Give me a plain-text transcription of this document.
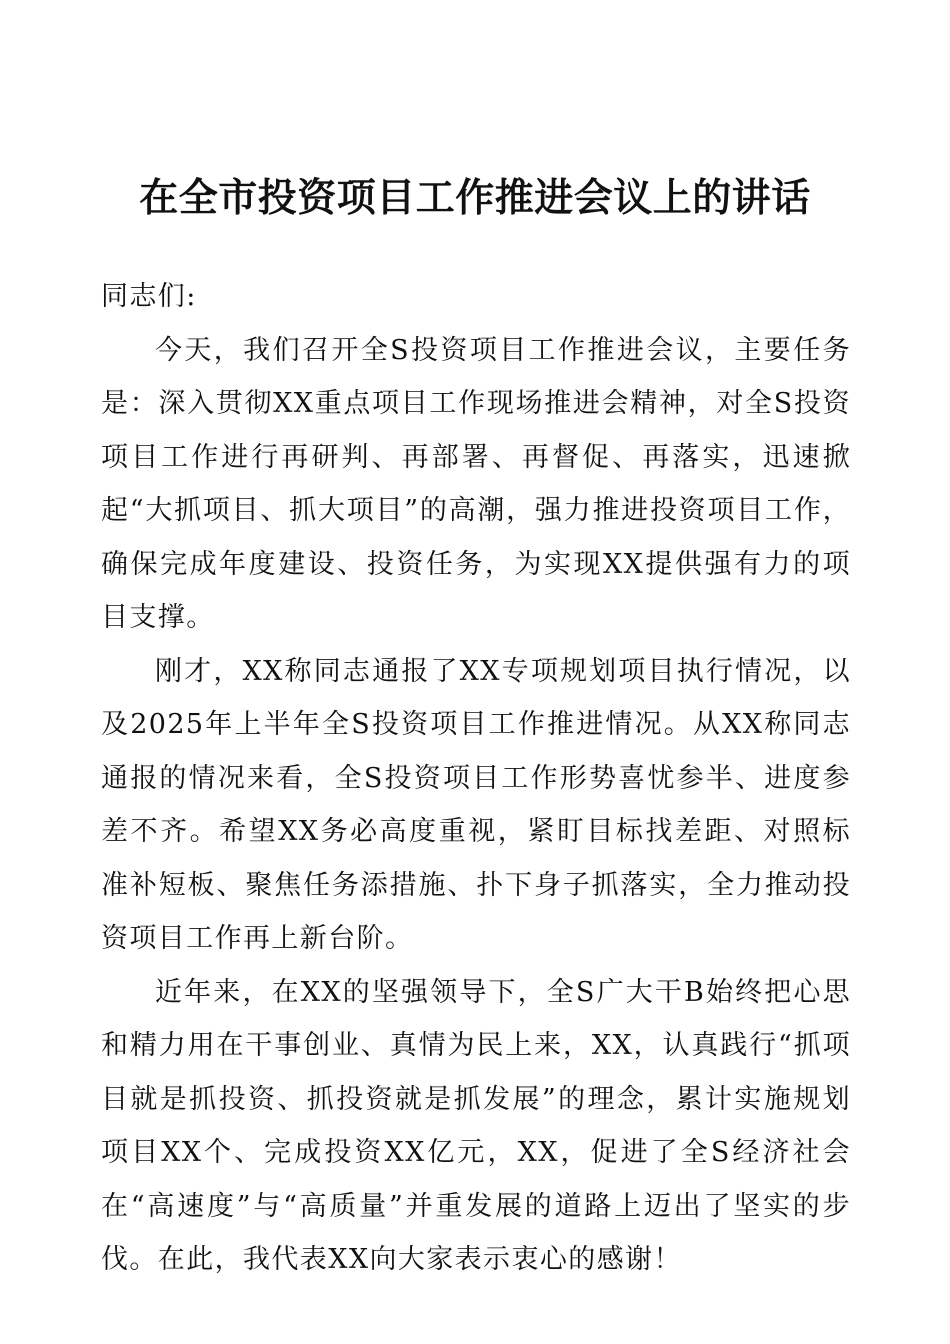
在全市投资项目工作推进会议上的讲话

同志们:

今天，我们召开全S投资项目工作推进会议，主要任务是：深入贯彻XX重点项目工作现场推进会精神，对全S投资项目工作进行再研判、再部署、再督促、再落实，迅速掀起“大抓项目、抓大项目”的高潮，强力推进投资项目工作，确保完成年度建设、投资任务，为实现XX提供强有力的项目支撑。

刚才，XX称同志通报了XX专项规划项目执行情况，以及2025年上半年全S投资项目工作推进情况。从XX称同志通报的情况来看，全S投资项目工作形势喜忧参半、进度参差不齐。希望XX务必高度重视，紧盯目标找差距、对照标准补短板、聚焦任务添措施、扑下身子抓落实，全力推动投资项目工作再上新台阶。

近年来，在XX的坚强领导下，全S广大干B始终把心思和精力用在干事创业、真情为民上来，XX，认真践行“抓项目就是抓投资、抓投资就是抓发展”的理念，累计实施规划项目XX个、完成投资XX亿元，XX，促进了全S经济社会在“高速度”与“高质量”并重发展的道路上迈出了坚实的步伐。在此，我代表XX向大家表示衷心的感谢！
